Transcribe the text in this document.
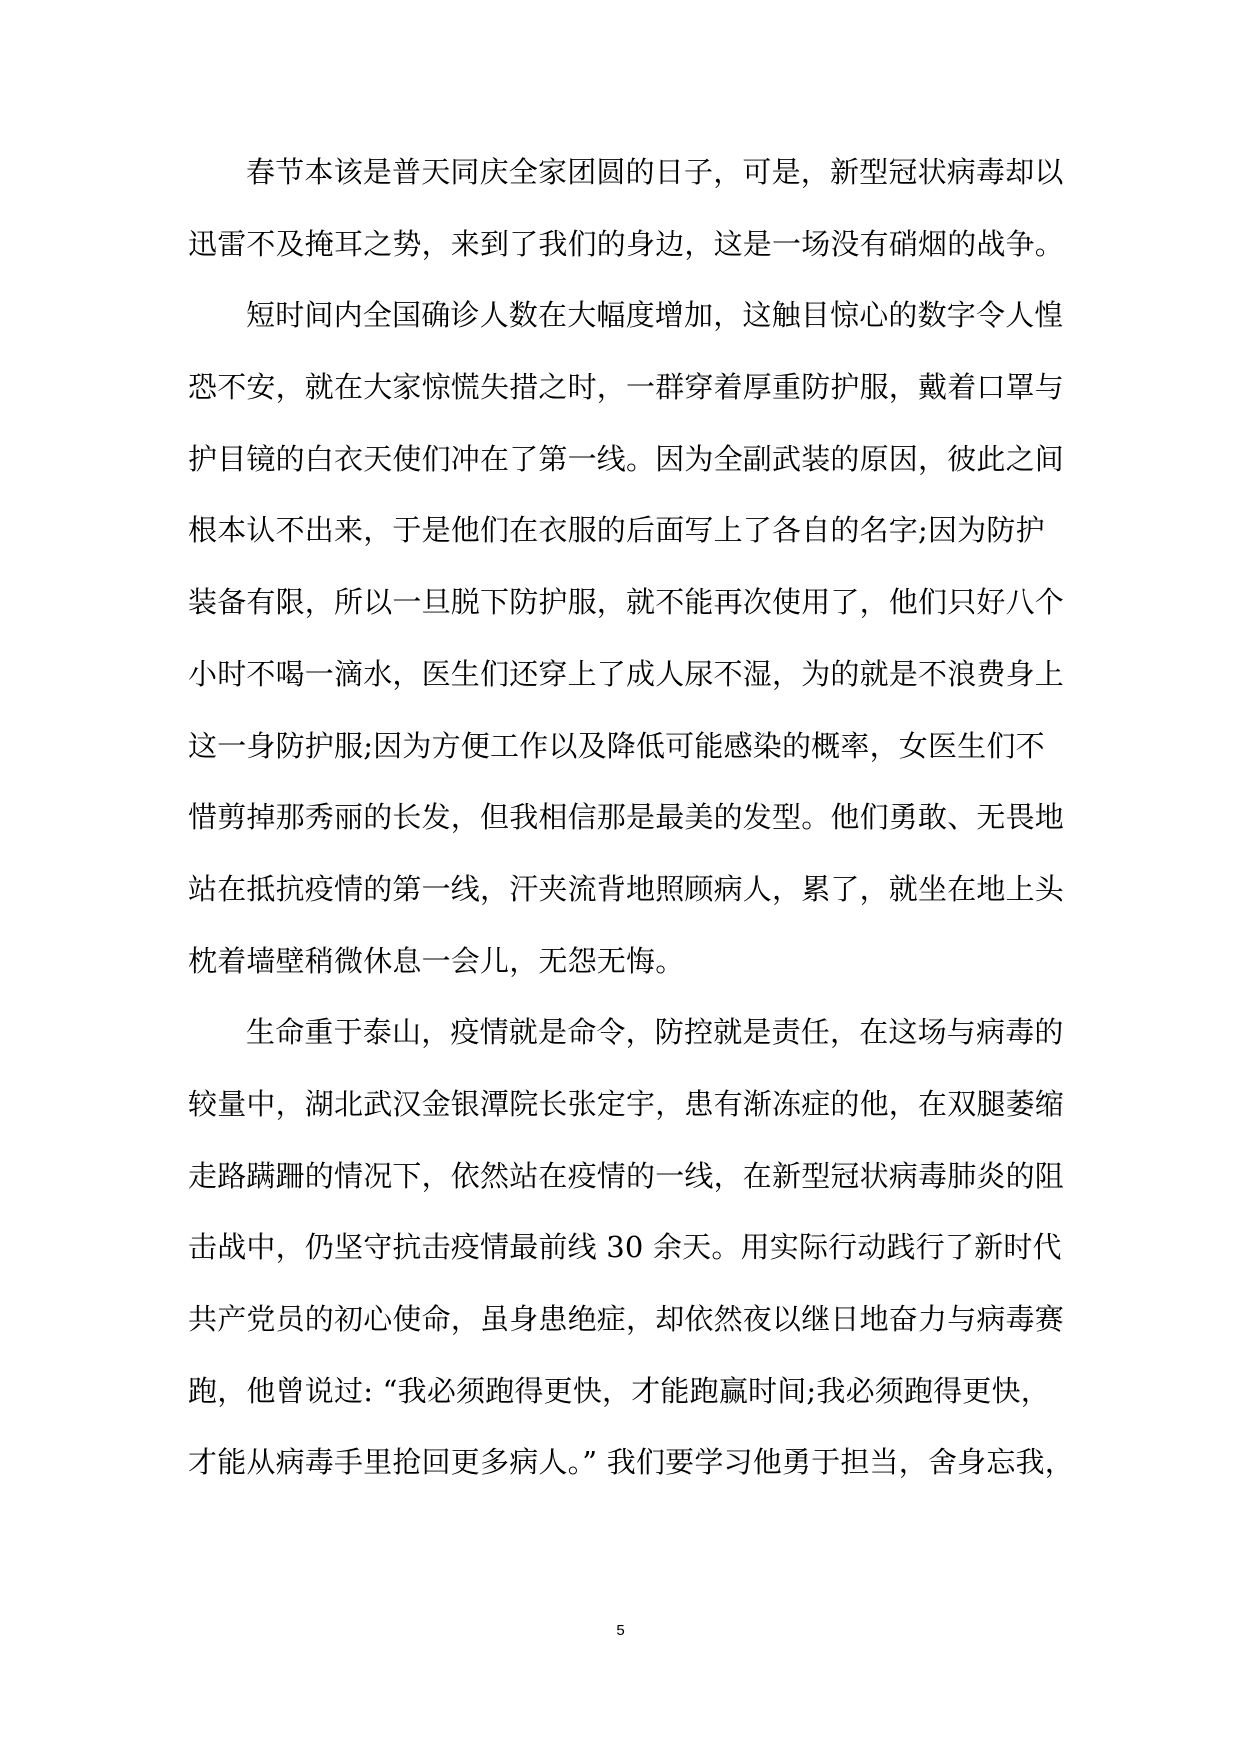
春节本该是普天同庆全家团圆的日子，可是，新型冠状病毒却以
迅雷不及掩耳之势，来到了我们的身边，这是一场没有硝烟的战争。
短时间内全国确诊人数在大幅度增加，这触目惊心的数字令人惶
恐不安，就在大家惊慌失措之时，一群穿着厚重防护服，戴着口罩与
护目镜的白衣天使们冲在了第一线。因为全副武装的原因，彼此之间
根本认不出来，于是他们在衣服的后面写上了各自的名字;因为防护
装备有限，所以一旦脱下防护服，就不能再次使用了，他们只好八个
小时不喝一滴水，医生们还穿上了成人尿不湿，为的就是不浪费身上
这一身防护服;因为方便工作以及降低可能感染的概率，女医生们不
惜剪掉那秀丽的长发，但我相信那是最美的发型。他们勇敢、无畏地
站在抵抗疫情的第一线，汗夹流背地照顾病人，累了，就坐在地上头
枕着墙壁稍微休息一会儿，无怨无悔。
生命重于泰山，疫情就是命令，防控就是责任，在这场与病毒的
较量中，湖北武汉金银潭院长张定宇，患有渐冻症的他，在双腿萎缩
走路蹒跚的情况下，依然站在疫情的一线，在新型冠状病毒肺炎的阻
击战中，仍坚守抗击疫情最前线 30 余天。用实际行动践行了新时代
共产党员的初心使命，虽身患绝症，却依然夜以继日地奋力与病毒赛
跑，他曾说过: “我必须跑得更快，才能跑赢时间;我必须跑得更快，
才能从病毒手里抢回更多病人。” 我们要学习他勇于担当，舍身忘我，
5
